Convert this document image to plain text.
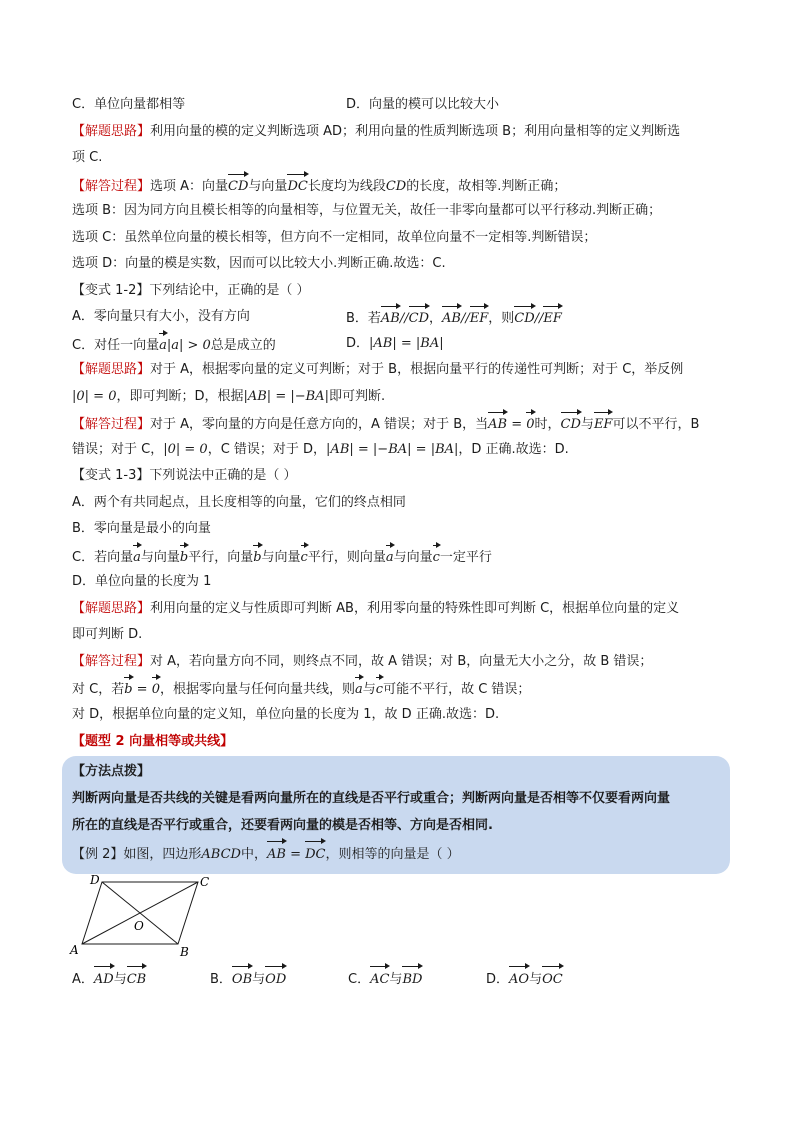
C．单位向量都相等	D．向量的模可以比较大小
【解题思路】利用向量的模的定义判断选项 AD；利用向量的性质判断选项 B；利用向量相等的定义判断选
项 C.
【解答过程】选项 A：向量CD与向量DC长度均为线段CD的长度，故相等.判断正确；
选项 B：因为同方向且模长相等的向量相等，与位置无关，故任一非零向量都可以平行移动.判断正确；
选项 C：虽然单位向量的模长相等，但方向不一定相同，故单位向量不一定相等.判断错误；
选项 D：向量的模是实数，因而可以比较大小.判断正确.故选：C.
【变式 1-2】下列结论中，正确的是（ ）
A．零向量只有大小，没有方向	B．若AB//CD，AB//EF，则CD//EF
C．对任一向量a|a| > 0总是成立的	D．|AB| = |BA|
【解题思路】对于 A，根据零向量的定义可判断；对于 B，根据向量平行的传递性可判断；对于 C，举反例
|0| = 0，即可判断；D，根据|AB| = |−BA|即可判断.
【解答过程】对于 A，零向量的方向是任意方向的，A 错误；对于 B，当AB = 0时，CD与EF可以不平行，B
错误；对于 C，|0| = 0，C 错误；对于 D，|AB| = |−BA| = |BA|，D 正确.故选：D.
【变式 1-3】下列说法中正确的是（ ）
A．两个有共同起点，且长度相等的向量，它们的终点相同
B．零向量是最小的向量
C．若向量a与向量b平行，向量b与向量c平行，则向量a与向量c一定平行
D．单位向量的长度为 1
【解题思路】利用向量的定义与性质即可判断 AB，利用零向量的特殊性即可判断 C，根据单位向量的定义
即可判断 D.
【解答过程】对 A，若向量方向不同，则终点不同，故 A 错误；对 B，向量无大小之分，故 B 错误；
对 C，若b = 0，根据零向量与任何向量共线，则a与c可能不平行，故 C 错误；
对 D，根据单位向量的定义知，单位向量的长度为 1，故 D 正确.故选：D.
【题型 2 向量相等或共线】
【方法点拨】
判断两向量是否共线的关键是看两向量所在的直线是否平行或重合；判断两向量是否相等不仅要看两向量
所在的直线是否平行或重合，还要看两向量的模是否相等、方向是否相同.
【例 2】如图，四边形ABCD中，AB = DC，则相等的向量是（ ）
A	B
C
D
O
A．AD与CB	B．OB与OD	C．AC与BD	D．AO与OC
